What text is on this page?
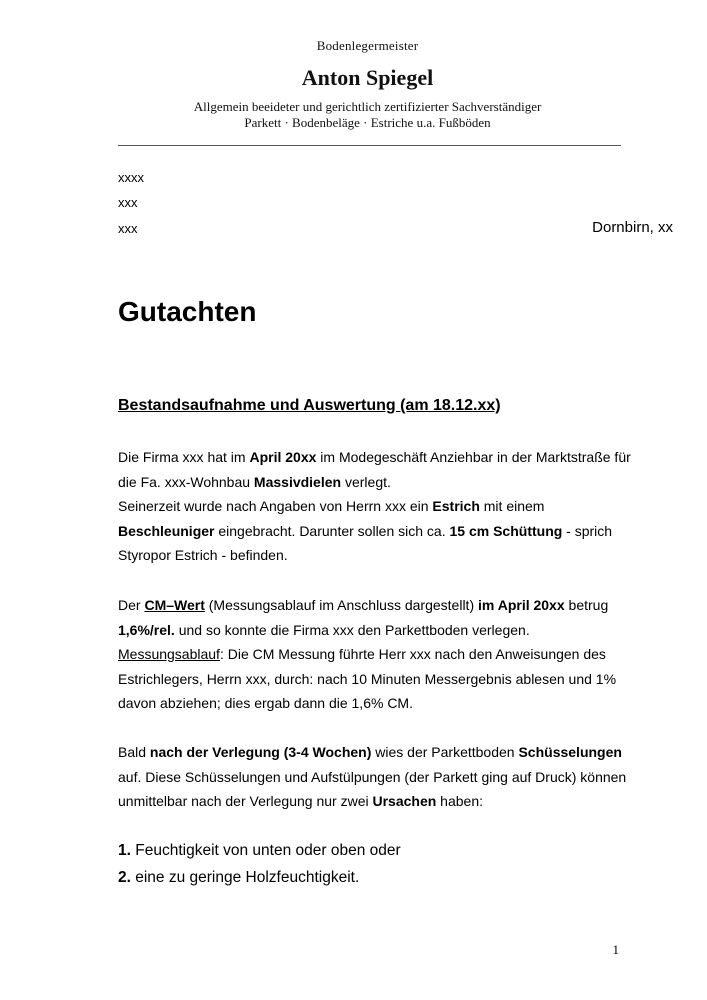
Bodenlegermeister
Anton Spiegel
Allgemein beeideter und gerichtlich zertifizierter Sachverständiger
Parkett · Bodenbeläge · Estriche u.a. Fußböden
xxxx
xxx
xxx	Dornbirn, xx
Gutachten
Bestandsaufnahme und Auswertung (am 18.12.xx)

Die Firma xxx hat im April 20xx im Modegeschäft Anziehbar in der Marktstraße für die Fa. xxx-Wohnbau Massivdielen verlegt.
Seinerzeit wurde nach Angaben von Herrn xxx ein Estrich mit einem Beschleuniger eingebracht. Darunter sollen sich ca. 15 cm Schüttung - sprich Styropor Estrich - befinden.

Der CM–Wert (Messungsablauf im Anschluss dargestellt) im April 20xx betrug 1,6%/rel. und so konnte die Firma xxx den Parkettboden verlegen.
Messungsablauf: Die CM Messung führte Herr xxx nach den Anweisungen des Estrichlegers, Herrn xxx, durch: nach 10 Minuten Messergebnis ablesen und 1% davon abziehen; dies ergab dann die 1,6% CM.

Bald nach der Verlegung (3-4 Wochen) wies der Parkettboden Schüsselungen auf. Diese Schüsselungen und Aufstülpungen (der Parkett ging auf Druck) können unmittelbar nach der Verlegung nur zwei Ursachen haben:

1. Feuchtigkeit von unten oder oben oder
2. eine zu geringe Holzfeuchtigkeit.
1
